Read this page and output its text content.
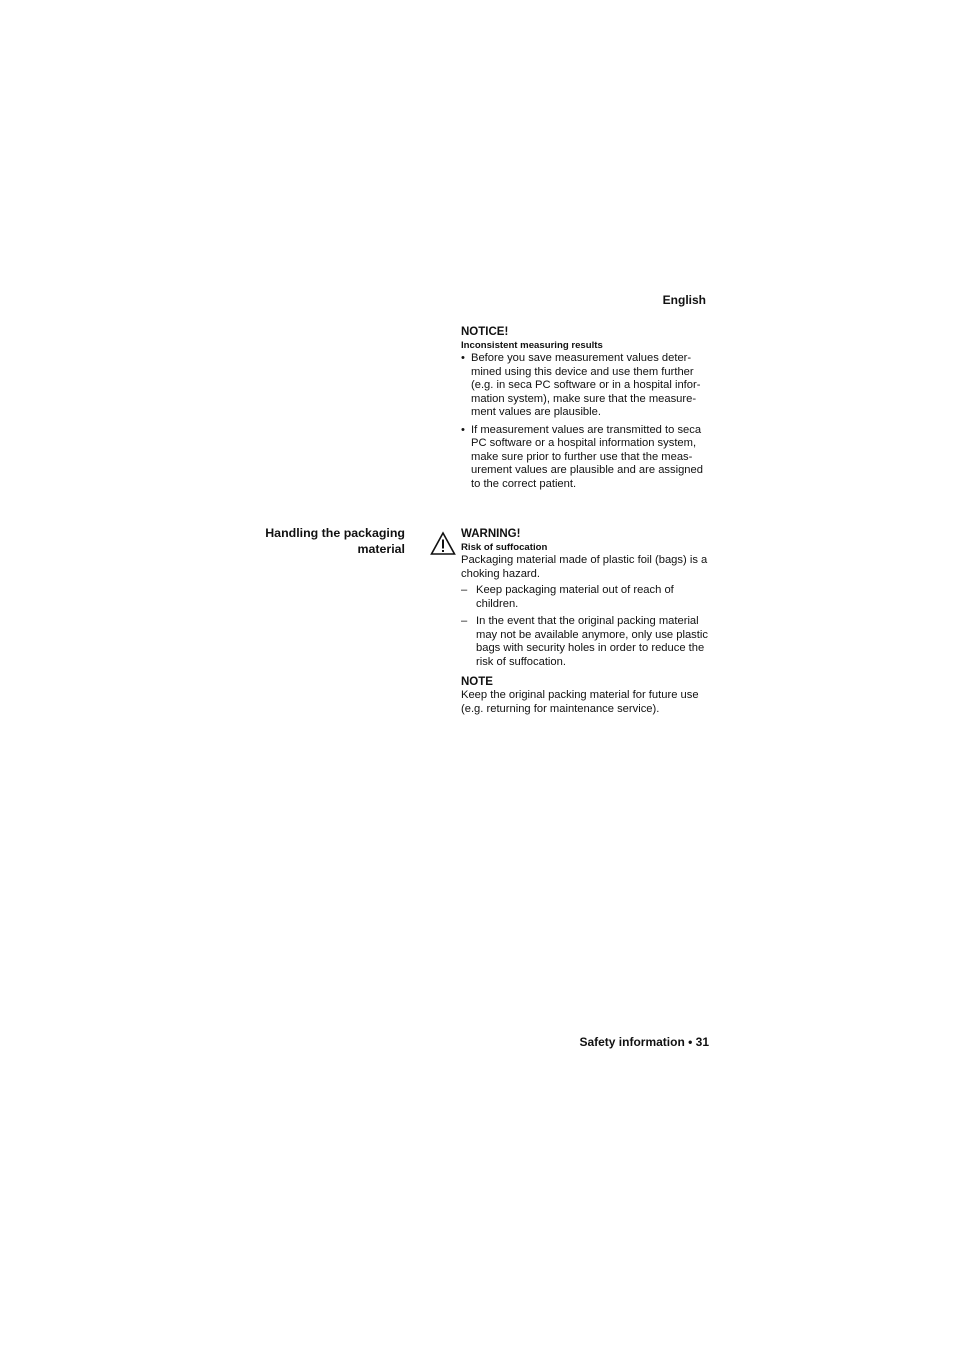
English
NOTICE!
Inconsistent measuring results
• Before you save measurement values deter-mined using this device and use them further (e.g. in seca PC software or in a hospital infor-mation system), make sure that the measure-ment values are plausible.
• If measurement values are transmitted to seca PC software or a hospital information system, make sure prior to further use that the meas-urement values are plausible and are assigned to the correct patient.
Handling the packaging
material
WARNING!
Risk of suffocation

Packaging material made of plastic foil (bags) is a choking hazard.

– Keep packaging material out of reach of children.
– In the event that the original packing material may not be available anymore, only use plastic bags with security holes in order to reduce the risk of suffocation.
NOTE

Keep the original packing material for future use (e.g. returning for maintenance service).

Safety information • 31
